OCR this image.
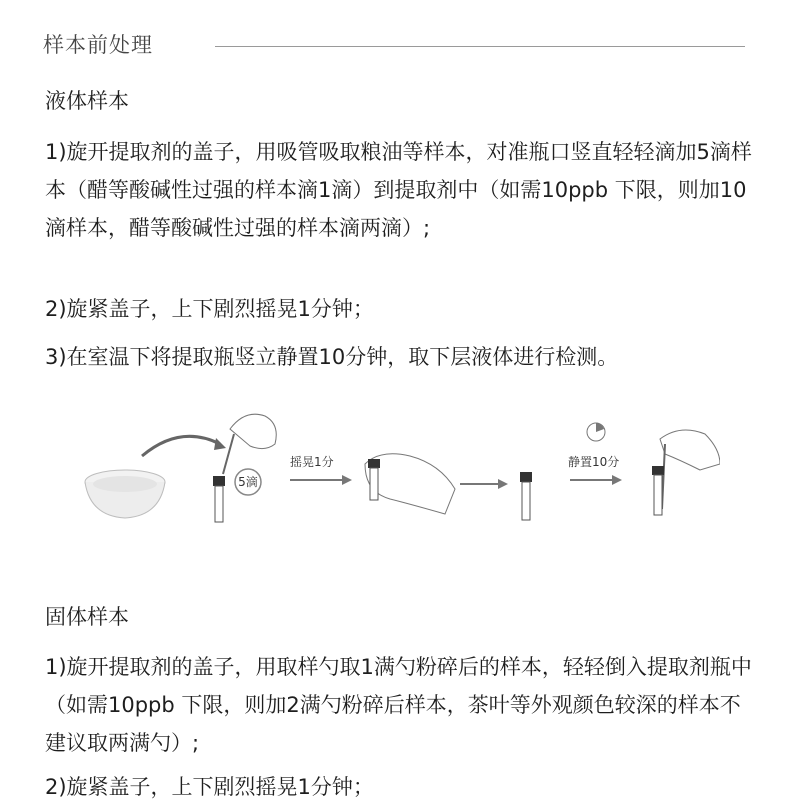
样本前处理
液体样本

1)旋开提取剂的盖子，用吸管吸取粮油等样本，对准瓶口竖直轻轻滴加5滴样本（醋等酸碱性过强的样本滴1滴）到提取剂中（如需10ppb 下限，则加10滴样本，醋等酸碱性过强的样本滴两滴）;

2)旋紧盖子，上下剧烈摇晃1分钟；

3)在室温下将提取瓶竖立静置10分钟，取下层液体进行检测。

5滴
摇晃1分	静置10分
固体样本

1)旋开提取剂的盖子，用取样勺取1满勺粉碎后的样本，轻轻倒入提取剂瓶中（如需10ppb 下限，则加2满勺粉碎后样本，茶叶等外观颜色较深的样本不建议取两满勺）;

2)旋紧盖子，上下剧烈摇晃1分钟；
